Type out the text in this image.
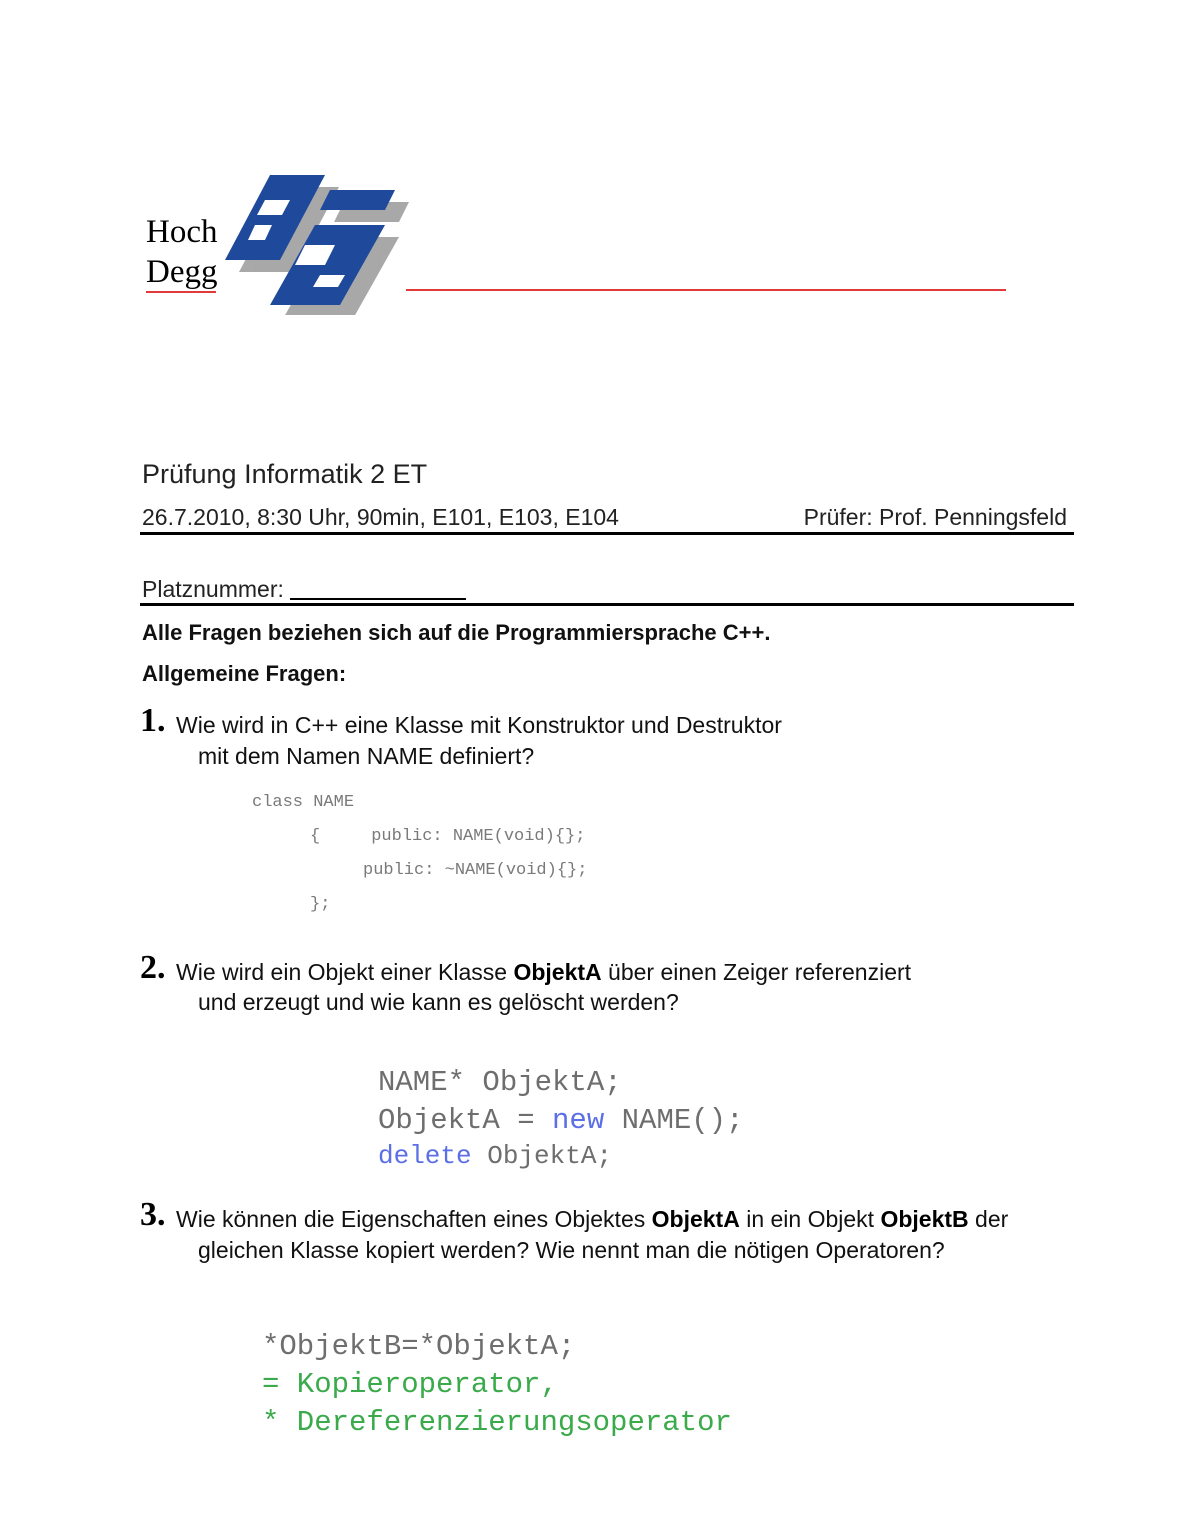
Hoch
Degg
Prüfung Informatik 2 ET
26.7.2010, 8:30 Uhr, 90min, E101, E103, E104	Prüfer: Prof. Penningsfeld
Platznummer:
Alle Fragen beziehen sich auf die Programmiersprache C++.
Allgemeine Fragen:
1. Wie wird in C++ eine Klasse mit Konstruktor und Destruktor
mit dem Namen NAME definiert?
class NAME
{     public: NAME(void){};
public: ~NAME(void){};
};
2. Wie wird ein Objekt einer Klasse ObjektA über einen Zeiger referenziert
und erzeugt und wie kann es gelöscht werden?
NAME* ObjektA;
ObjektA = new NAME();
delete ObjektA;
3. Wie können die Eigenschaften eines Objektes ObjektA in ein Objekt ObjektB der
gleichen Klasse kopiert werden? Wie nennt man die nötigen Operatoren?
*ObjektB=*ObjektA;
= Kopieroperator,
* Dereferenzierungsoperator
